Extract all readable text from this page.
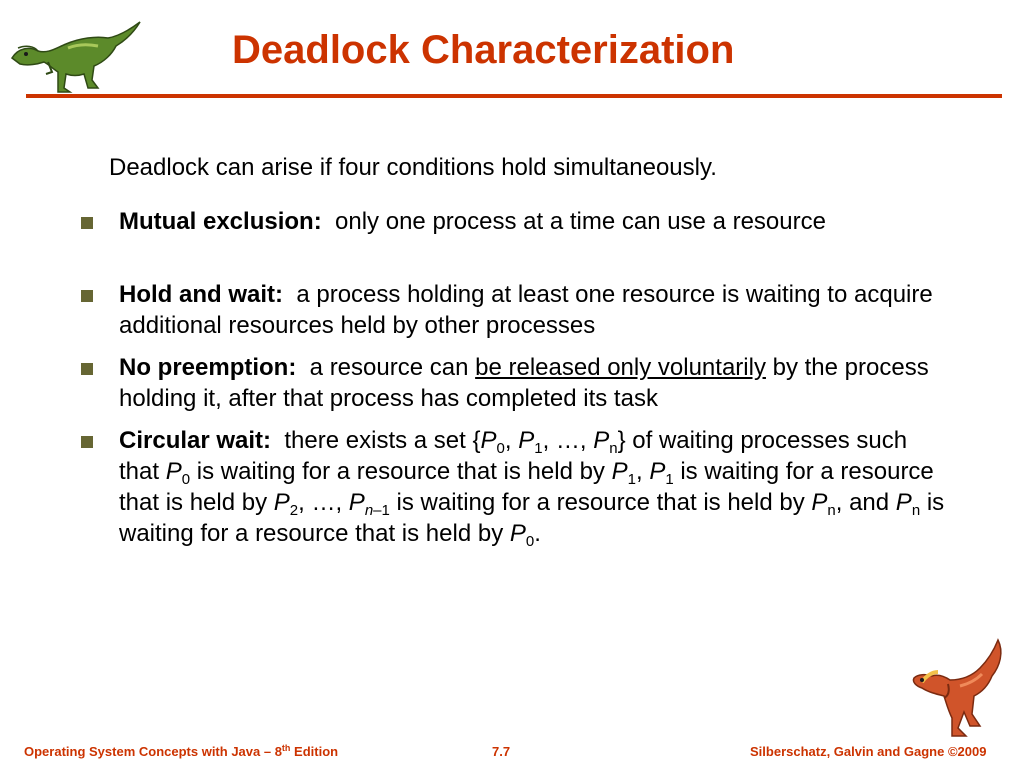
Deadlock Characterization
Deadlock can arise if four conditions hold simultaneously.
Mutual exclusion: only one process at a time can use a resource
Hold and wait: a process holding at least one resource is waiting to acquire additional resources held by other processes
No preemption: a resource can be released only voluntarily by the process holding it, after that process has completed its task
Circular wait: there exists a set {$P_0$, $P_1$, …, $P_n$} of waiting processes such that $P_0$ is waiting for a resource that is held by $P_1$, $P_1$ is waiting for a resource that is held by $P_2$, …, $P_{n-1}$ is waiting for a resource that is held by $P_n$, and $P_n$ is waiting for a resource that is held by $P_0$.
Operating System Concepts with Java – 8th Edition	7.7	Silberschatz, Galvin and Gagne ©2009
